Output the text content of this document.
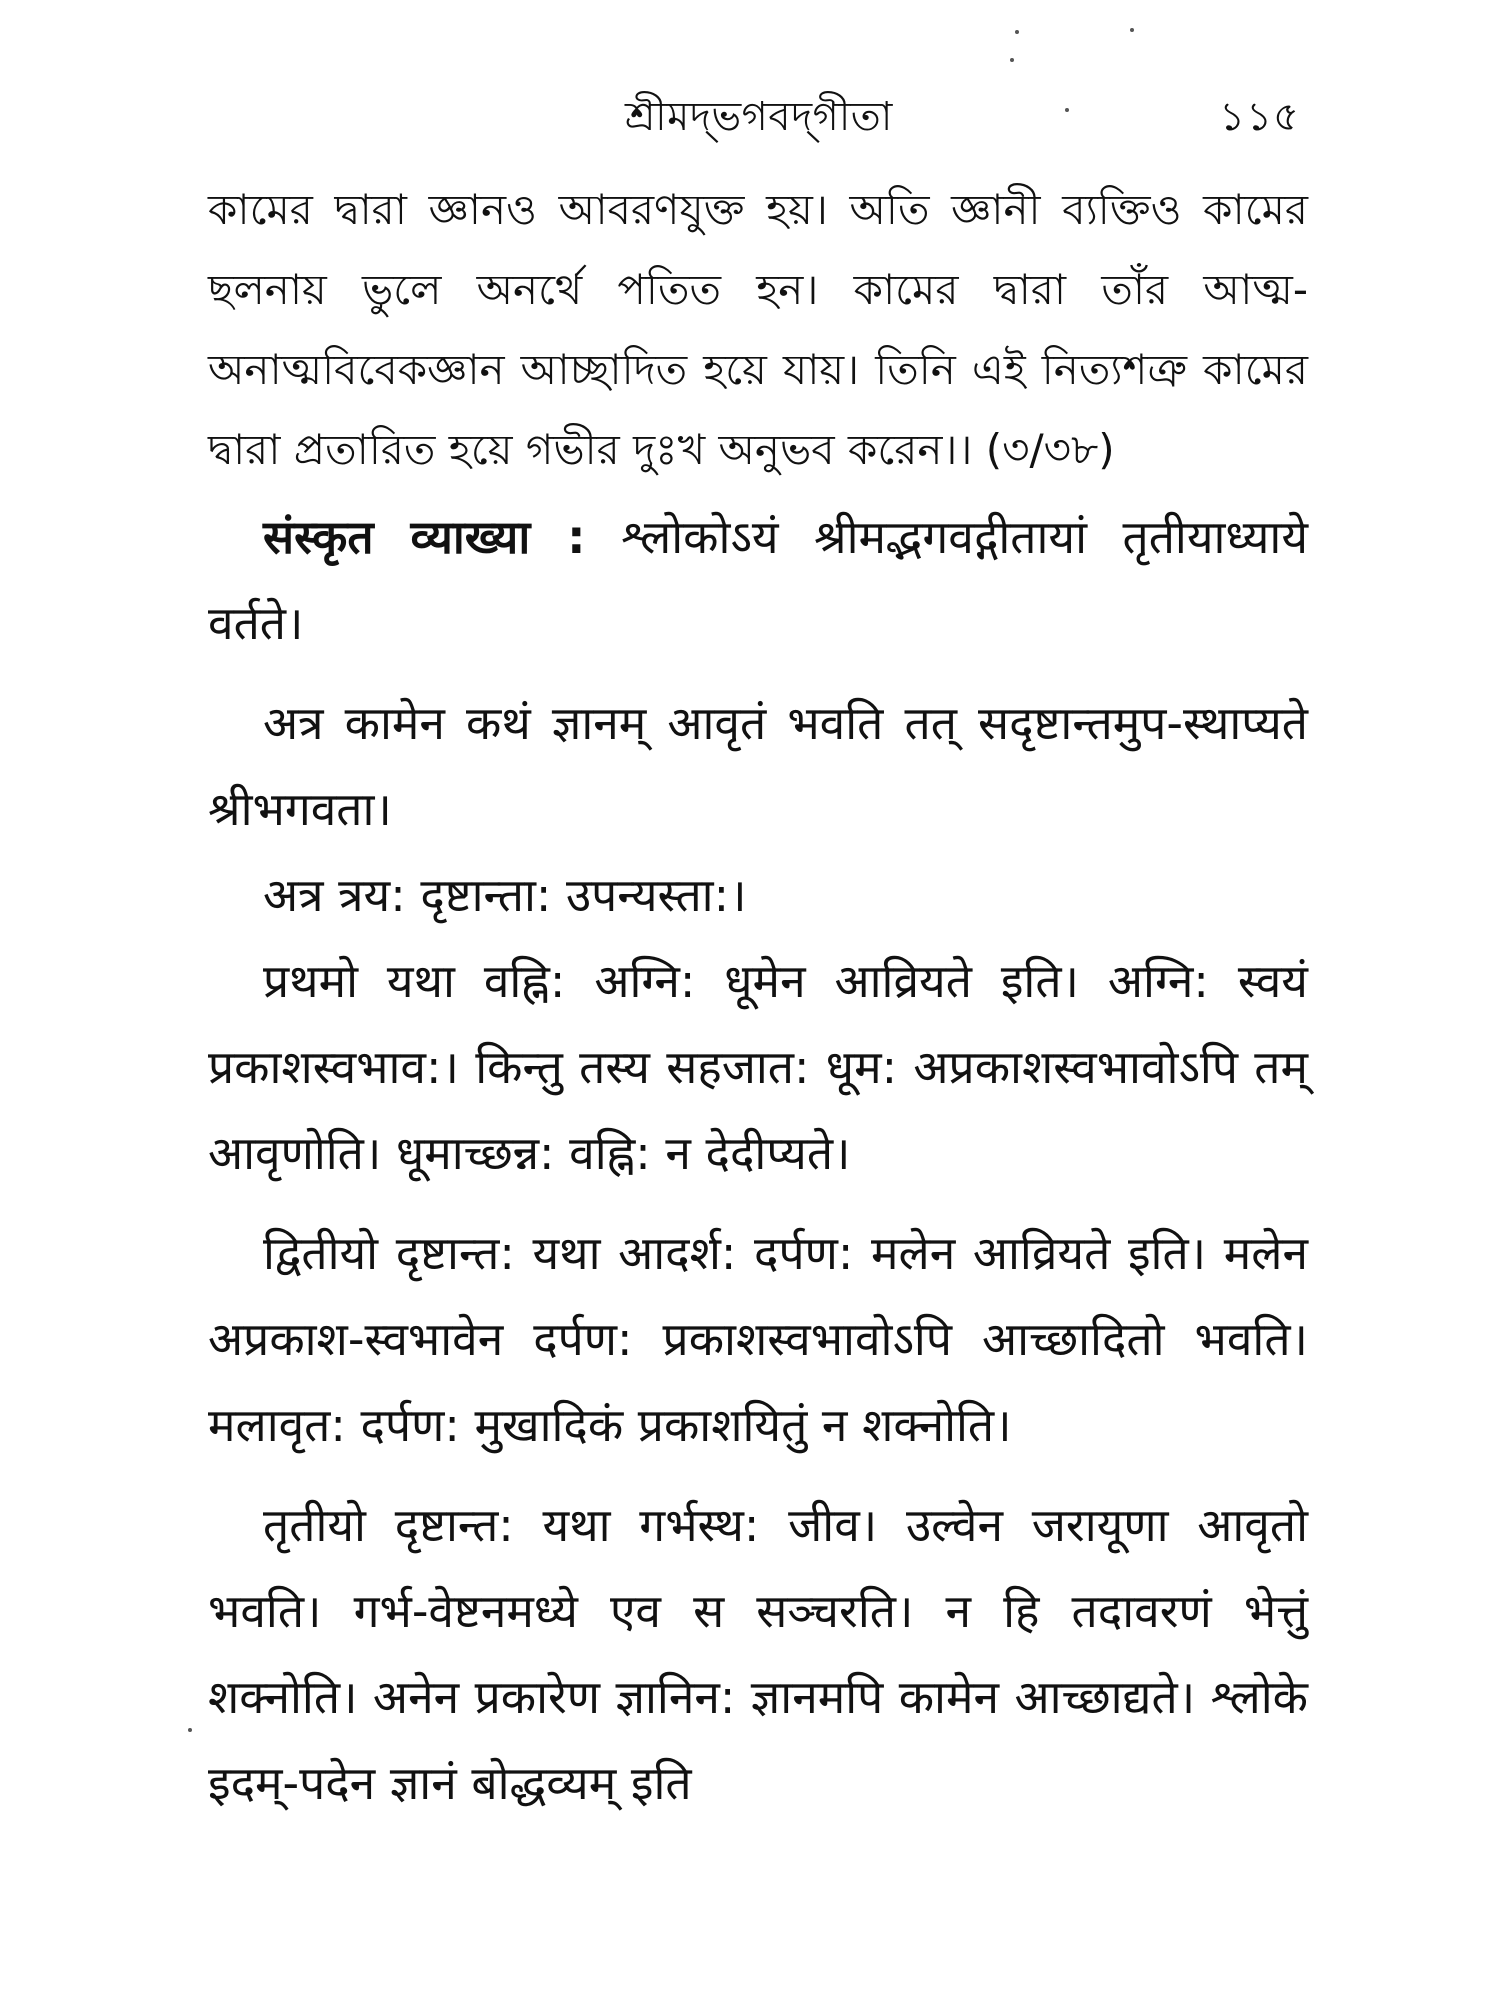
শ্রীমদ্‌ভগবদ্‌গীতা	১১৫

কামের দ্বারা জ্ঞানও আবরণযুক্ত হয়। অতি জ্ঞানী ব্যক্তিও কামের ছলনায় ভুলে অনর্থে পতিত হন। কামের দ্বারা তাঁর আত্ম-অনাত্মবিবেকজ্ঞান আচ্ছাদিত হয়ে যায়। তিনি এই নিত্যশত্রু কামের দ্বারা প্রতারিত হয়ে গভীর দুঃখ অনুভব করেন।। (৩/৩৮)

संस्कृत व्याख्या : श्लोकोऽयं श्रीमद्भगवद्गीतायां तृतीयाध्याये वर्तते।

अत्र कामेन कथं ज्ञानम् आवृतं भवति तत् सदृष्टान्तमुप-स्थाप्यते श्रीभगवता।

अत्र त्रय: दृष्टान्ता: उपन्यस्ता:।

प्रथमो यथा वह्नि: अग्नि: धूमेन आव्रियते इति। अग्नि: स्वयं प्रकाशस्वभाव:। किन्तु तस्य सहजात: धूम: अप्रकाशस्वभावोऽपि तम् आवृणोति। धूमाच्छन्न: वह्नि: न देदीप्यते।

द्वितीयो दृष्टान्त: यथा आदर्श: दर्पण: मलेन आव्रियते इति। मलेन अप्रकाश-स्वभावेन दर्पण: प्रकाशस्वभावोऽपि आच्छादितो भवति। मलावृत: दर्पण: मुखादिकं प्रकाशयितुं न शक्नोति।

तृतीयो दृष्टान्त: यथा गर्भस्थ: जीव। उल्वेन जरायूणा आवृतो भवति। गर्भ-वेष्टनमध्ये एव स सञ्चरति। न हि तदावरणं भेत्तुं शक्नोति। अनेन प्रकारेण ज्ञानिन: ज्ञानमपि कामेन आच्छाद्यते। श्लोके इदम्-पदेन ज्ञानं बोद्धव्यम् इति
